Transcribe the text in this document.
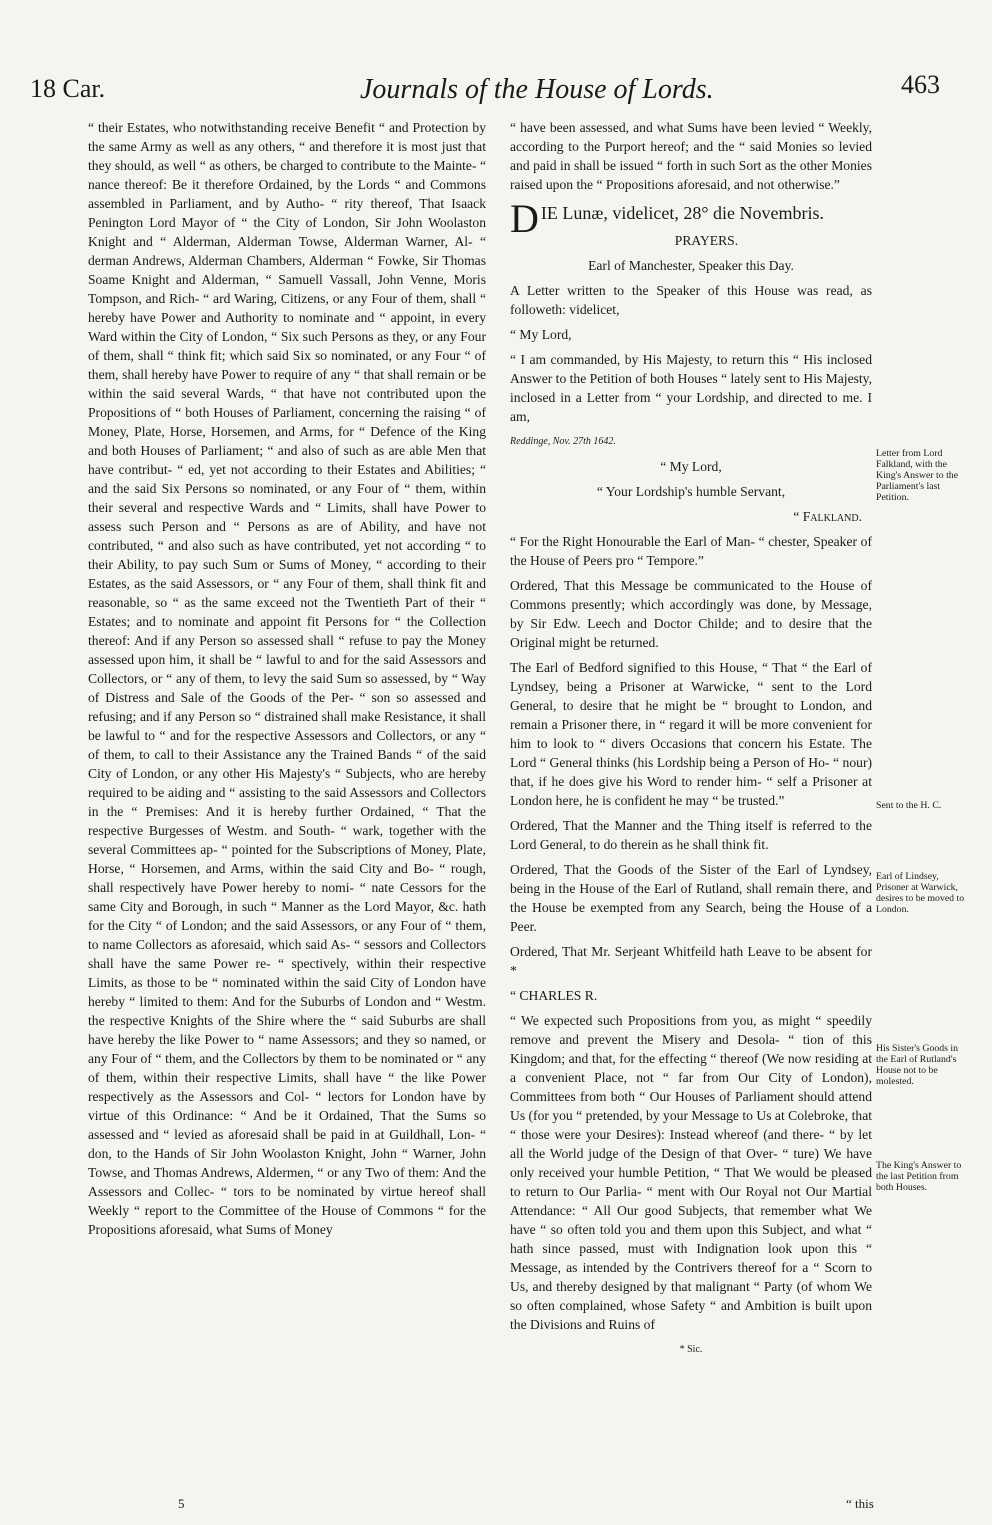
18 Car.	Journals of the House of Lords.	463

“ their Estates, who notwithstanding receive Benefit “ and Protection by the same Army as well as any others, “ and therefore it is most just that they should, as well “ as others, be charged to contribute to the Mainte- “ nance thereof: Be it therefore Ordained, by the Lords “ and Commons assembled in Parliament, and by Autho- “ rity thereof, That Isaack Penington Lord Mayor of “ the City of London, Sir John Woolaston Knight and “ Alderman, Alderman Towse, Alderman Warner, Al- “ derman Andrews, Alderman Chambers, Alderman “ Fowke, Sir Thomas Soame Knight and Alderman, “ Samuell Vassall, John Venne, Moris Tompson, and Rich- “ ard Waring, Citizens, or any Four of them, shall “ hereby have Power and Authority to nominate and “ appoint, in every Ward within the City of London, “ Six such Persons as they, or any Four of them, shall “ think fit; which said Six so nominated, or any Four “ of them, shall hereby have Power to require of any “ that shall remain or be within the said several Wards, “ that have not contributed upon the Propositions of “ both Houses of Parliament, concerning the raising “ of Money, Plate, Horse, Horsemen, and Arms, for “ Defence of the King and both Houses of Parliament; “ and also of such as are able Men that have contribut- “ ed, yet not according to their Estates and Abilities; “ and the said Six Persons so nominated, or any Four of “ them, within their several and respective Wards and “ Limits, shall have Power to assess such Person and “ Persons as are of Ability, and have not contributed, “ and also such as have contributed, yet not according “ to their Ability, to pay such Sum or Sums of Money, “ according to their Estates, as the said Assessors, or “ any Four of them, shall think fit and reasonable, so “ as the same exceed not the Twentieth Part of their “ Estates; and to nominate and appoint fit Persons for “ the Collection thereof: And if any Person so assessed shall “ refuse to pay the Money assessed upon him, it shall be “ lawful to and for the said Assessors and Collectors, or “ any of them, to levy the said Sum so assessed, by “ Way of Distress and Sale of the Goods of the Per- “ son so assessed and refusing; and if any Person so “ distrained shall make Resistance, it shall be lawful to “ and for the respective Assessors and Collectors, or any “ of them, to call to their Assistance any the Trained Bands “ of the said City of London, or any other His Majesty's “ Subjects, who are hereby required to be aiding and “ assisting to the said Assessors and Collectors in the “ Premises: And it is hereby further Ordained, “ That the respective Burgesses of Westm. and South- “ wark, together with the several Committees ap- “ pointed for the Subscriptions of Money, Plate, Horse, “ Horsemen, and Arms, within the said City and Bo- “ rough, shall respectively have Power hereby to nomi- “ nate Cessors for the same City and Borough, in such “ Manner as the Lord Mayor, &c. hath for the City “ of London; and the said Assessors, or any Four of “ them, to name Collectors as aforesaid, which said As- “ sessors and Collectors shall have the same Power re- “ spectively, within their respective Limits, as those to be “ nominated within the said City of London have hereby “ limited to them: And for the Suburbs of London and “ Westm. the respective Knights of the Shire where the “ said Suburbs are shall have hereby the like Power to “ name Assessors; and they so named, or any Four of “ them, and the Collectors by them to be nominated or “ any of them, within their respective Limits, shall have “ the like Power respectively as the Assessors and Col- “ lectors for London have by virtue of this Ordinance: “ And be it Ordained, That the Sums so assessed and “ levied as aforesaid shall be paid in at Guildhall, Lon- “ don, to the Hands of Sir John Woolaston Knight, John “ Warner, John Towse, and Thomas Andrews, Aldermen, “ or any Two of them: And the Assessors and Collec- “ tors to be nominated by virtue hereof shall Weekly “ report to the Committee of the House of Commons “ for the Propositions aforesaid, what Sums of Money

“ have been assessed, and what Sums have been levied “ Weekly, according to the Purport hereof; and the “ said Monies so levied and paid in shall be issued “ forth in such Sort as the other Monies raised upon the “ Propositions aforesaid, and not otherwise.”

D IE Lunæ, videlicet, 28° die Novembris.

PRAYERS.

Earl of Manchester, Speaker this Day.

A Letter written to the Speaker of this House was read, as followeth: videlicet,

“ My Lord,

“ I am commanded, by His Majesty, to return this “ His inclosed Answer to the Petition of both Houses “ lately sent to His Majesty, inclosed in a Letter from “ your Lordship, and directed to me. I am,

Reddinge, Nov. 27th 1642.

“ My Lord,

“ Your Lordship's humble Servant,

“ Falkland.

“ For the Right Honourable the Earl of Man- “ chester, Speaker of the House of Peers pro “ Tempore.”

Ordered, That this Message be communicated to the House of Commons presently; which accordingly was done, by Message, by Sir Edw. Leech and Doctor Childe; and to desire that the Original might be returned.

The Earl of Bedford signified to this House, “ That “ the Earl of Lyndsey, being a Prisoner at Warwicke, “ sent to the Lord General, to desire that he might be “ brought to London, and remain a Prisoner there, in “ regard it will be more convenient for him to look to “ divers Occasions that concern his Estate. The Lord “ General thinks (his Lordship being a Person of Ho- “ nour) that, if he does give his Word to render him- “ self a Prisoner at London here, he is confident he may “ be trusted.”

Ordered, That the Manner and the Thing itself is referred to the Lord General, to do therein as he shall think fit.

Ordered, That the Goods of the Sister of the Earl of Lyndsey, being in the House of the Earl of Rutland, shall remain there, and the House be exempted from any Search, being the House of a Peer.

Ordered, That Mr. Serjeant Whitfeild hath Leave to be absent for *

“ CHARLES R.

“ We expected such Propositions from you, as might “ speedily remove and prevent the Misery and Desola- “ tion of this Kingdom; and that, for the effecting “ thereof (We now residing at a convenient Place, not “ far from Our City of London), Committees from both “ Our Houses of Parliament should attend Us (for you “ pretended, by your Message to Us at Colebroke, that “ those were your Desires): Instead whereof (and there- “ by let all the World judge of the Design of that Over- “ ture) We have only received your humble Petition, “ That We would be pleased to return to Our Parlia- “ ment with Our Royal not Our Martial Attendance: “ All Our good Subjects, that remember what We have “ so often told you and them upon this Subject, and what “ hath since passed, must with Indignation look upon this “ Message, as intended by the Contrivers thereof for a “ Scorn to Us, and thereby designed by that malignant “ Party (of whom We so often complained, whose Safety “ and Ambition is built upon the Divisions and Ruins of

* Sic.
Letter from Lord Falkland, with the King's Answer to the Parliament's last Petition.
Sent to the H. C.
Earl of Lindsey, Prisoner at Warwick, desires to be moved to London.
His Sister's Goods in the Earl of Rutland's House not to be molested.
The King's Answer to the last Petition from both Houses.
5	“ this
